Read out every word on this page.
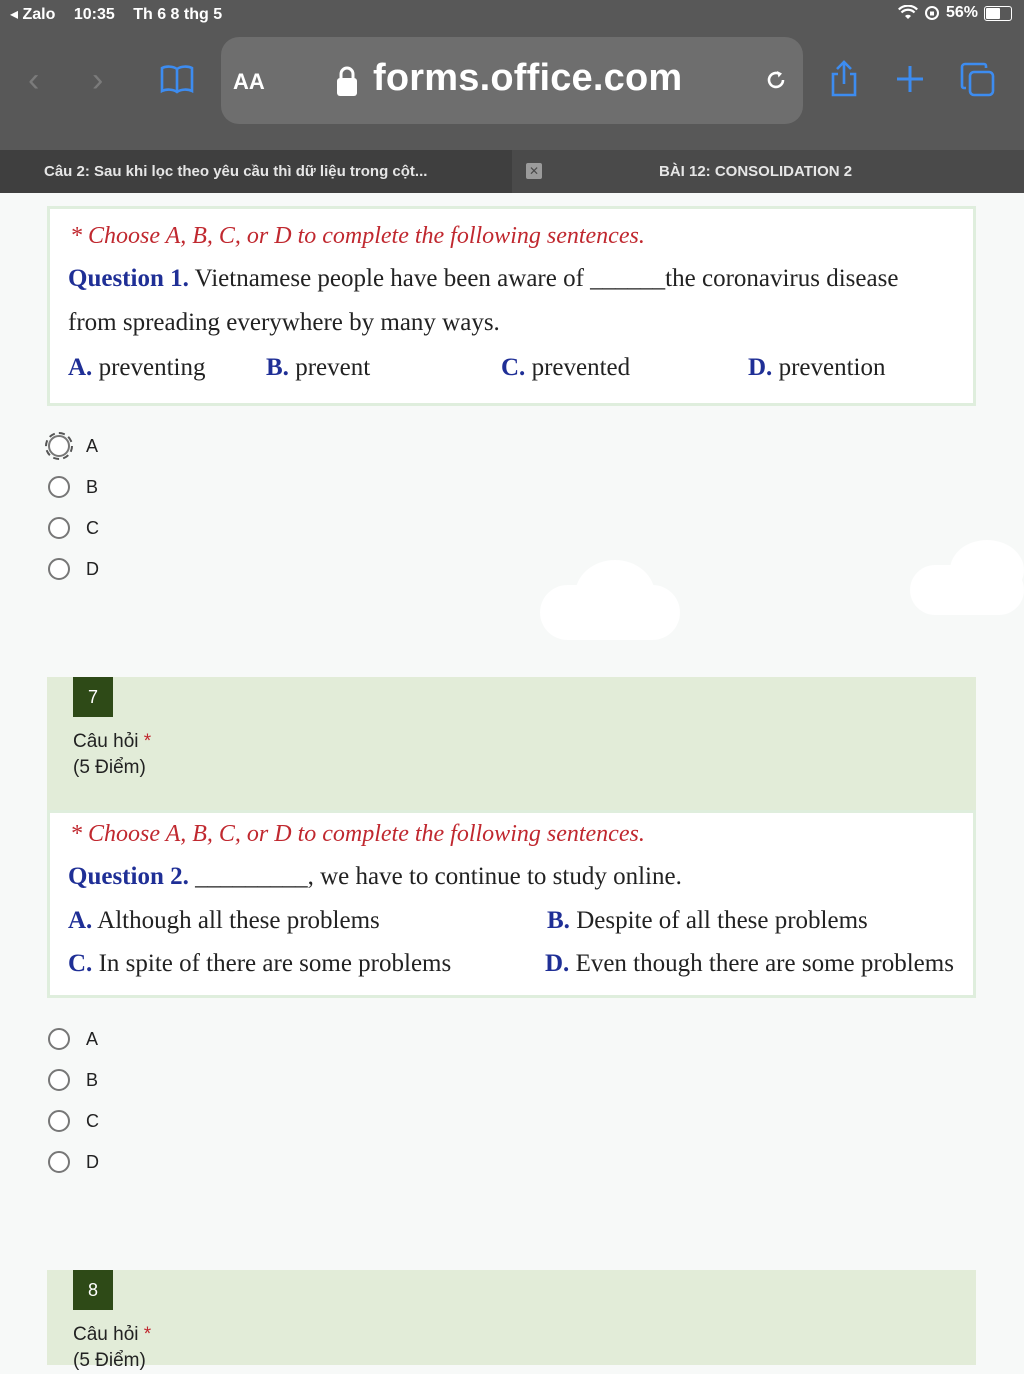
◂ Zalo 10:35 Th 6 8 thg 5	56%
‹ ›	AA	forms.office.com
Câu 2: Sau khi lọc theo yêu cầu thì dữ liệu trong cột...	✕	BÀI 12: CONSOLIDATION 2
* Choose A, B, C, or D to complete the following sentences.
Question 1. Vietnamese people have been aware of ______the coronavirus disease
from spreading everywhere by many ways.
A. preventing B. prevent	C. prevented	D. prevention
A
B
C
D
7
Câu hỏi *
(5 Điểm)
* Choose A, B, C, or D to complete the following sentences.
Question 2. _________, we have to continue to study online.
A. Although all these problems	B. Despite of all these problems
C. In spite of there are some problems	D. Even though there are some problems
A
B
C
D
8
Câu hỏi *
(5 Điểm)
